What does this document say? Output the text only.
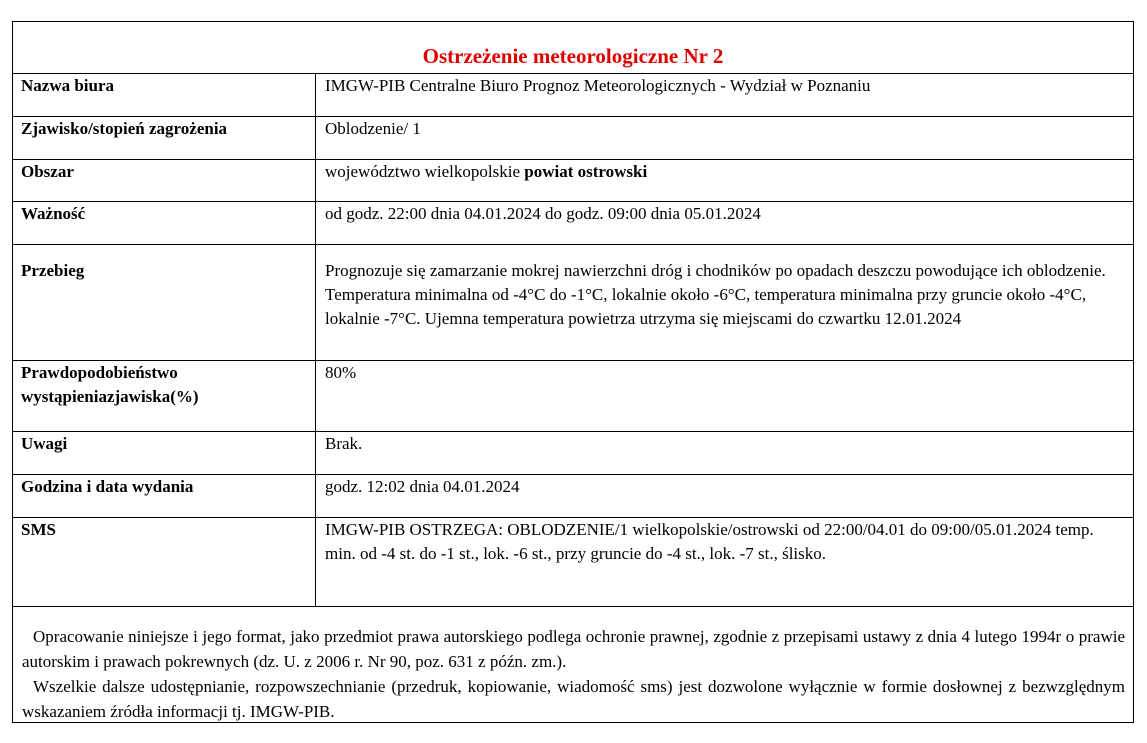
Ostrzeżenie meteorologiczne Nr 2
Nazwa biura	IMGW-PIB Centralne Biuro Prognoz Meteorologicznych - Wydział w Poznaniu
Zjawisko/stopień zagrożenia	Oblodzenie/ 1
Obszar	województwo wielkopolskie powiat ostrowski
Ważność	od godz. 22:00 dnia 04.01.2024 do godz. 09:00 dnia 05.01.2024
Przebieg	Prognozuje się zamarzanie mokrej nawierzchni dróg i chodników po opadach deszczu powodujące ich oblodzenie. Temperatura minimalna od -4°C do -1°C, lokalnie około -6°C, temperatura minimalna przy gruncie około -4°C, lokalnie -7°C. Ujemna temperatura powietrza utrzyma się miejscami do czwartku 12.01.2024
Prawdopodobieństwo wystąpieniazjawiska(%)	80%
Uwagi	Brak.
Godzina i data wydania	godz. 12:02 dnia 04.01.2024
SMS	IMGW-PIB OSTRZEGA: OBLODZENIE/1 wielkopolskie/ostrowski od 22:00/04.01 do 09:00/05.01.2024 temp. min. od -4 st. do -1 st., lok. -6 st., przy gruncie do -4 st., lok. -7 st., ślisko.

Opracowanie niniejsze i jego format, jako przedmiot prawa autorskiego podlega ochronie prawnej, zgodnie z przepisami ustawy z dnia 4 lutego 1994r o prawie autorskim i prawach pokrewnych (dz. U. z 2006 r. Nr 90, poz. 631 z późn. zm.).

Wszelkie dalsze udostępnianie, rozpowszechnianie (przedruk, kopiowanie, wiadomość sms) jest dozwolone wyłącznie w formie dosłownej z bezwzględnym wskazaniem źródła informacji tj. IMGW-PIB.
